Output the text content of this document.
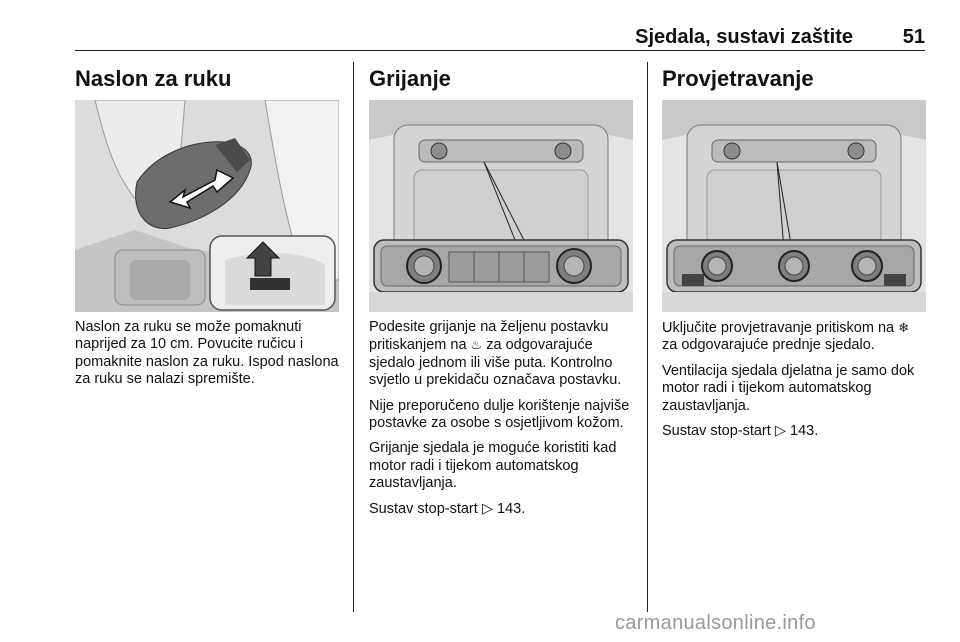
Sjedala, sustavi zaštite 51
Naslon za ruku

Naslon za ruku se može pomaknuti naprijed za 10 cm. Povucite ručicu i pomaknite naslon za ruku. Ispod naslona za ruku se nalazi spremište.

Grijanje

Podesite grijanje na željenu postavku pritiskanjem na ♨ za odgovarajuće sjedalo jednom ili više puta. Kontrolno svjetlo u prekidaču označava postavku.

Nije preporučeno dulje korištenje najviše postavke za osobe s osjetljivom kožom.

Grijanje sjedala je moguće koristiti kad motor radi i tijekom automatskog zaustavljanja.

Sustav stop-start ▷ 143.

Provjetravanje

Uključite provjetravanje pritiskom na ❄ za odgovarajuće prednje sjedalo.

Ventilacija sjedala djelatna je samo dok motor radi i tijekom automatskog zaustavljanja.

Sustav stop-start ▷ 143.

carmanualsonline.info
